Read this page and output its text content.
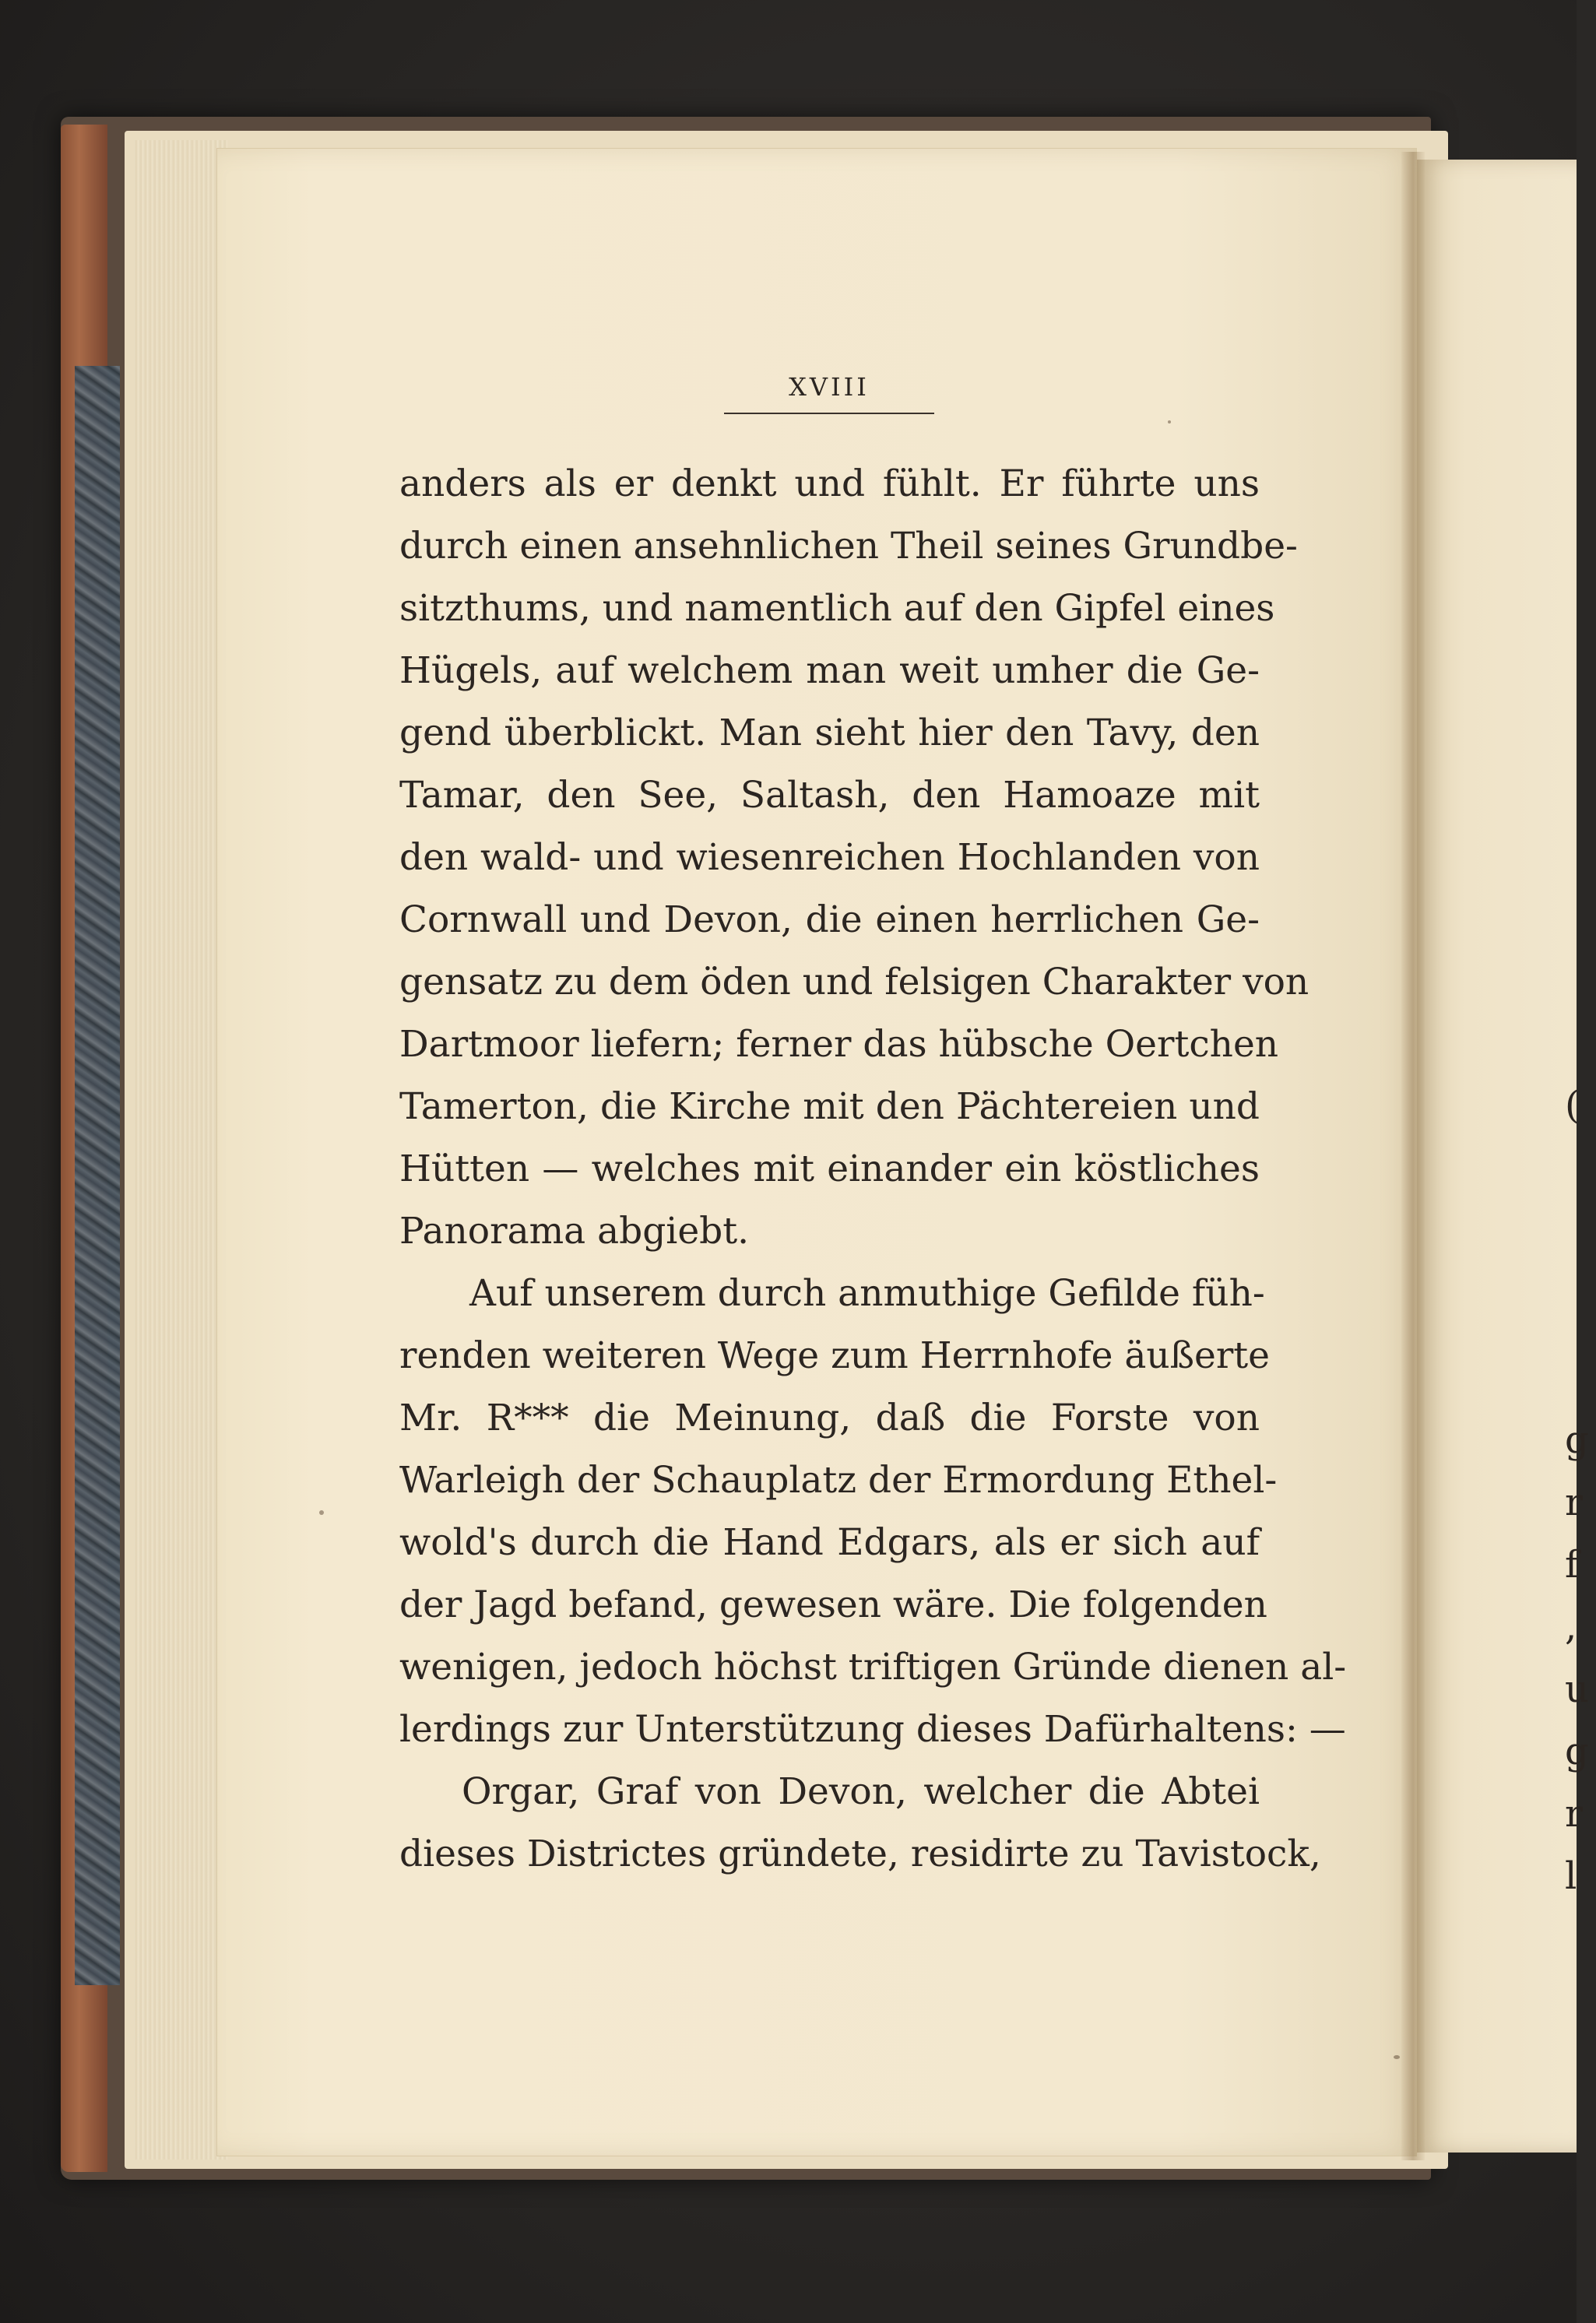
(
g
r
f
,
u
g
r
l
XVIII
anders als er denkt und fühlt. Er führte uns
durch einen ansehnlichen Theil seines Grundbe-
sitzthums, und namentlich auf den Gipfel eines
Hügels, auf welchem man weit umher die Ge-
gend überblickt. Man sieht hier den Tavy, den
Tamar, den See, Saltash, den Hamoaze mit
den wald- und wiesenreichen Hochlanden von
Cornwall und Devon, die einen herrlichen Ge-
gensatz zu dem öden und felsigen Charakter von
Dartmoor liefern; ferner das hübsche Oertchen
Tamerton, die Kirche mit den Pächtereien und
Hütten — welches mit einander ein köstliches
Panorama abgiebt.
Auf unserem durch anmuthige Gefilde füh-
renden weiteren Wege zum Herrnhofe äußerte
Mr. R*** die Meinung, daß die Forste von
Warleigh der Schauplatz der Ermordung Ethel-
wold's durch die Hand Edgars, als er sich auf
der Jagd befand, gewesen wäre. Die folgenden
wenigen, jedoch höchst triftigen Gründe dienen al-
lerdings zur Unterstützung dieses Dafürhaltens: —
Orgar, Graf von Devon, welcher die Abtei
dieses Districtes gründete, residirte zu Tavistock,
